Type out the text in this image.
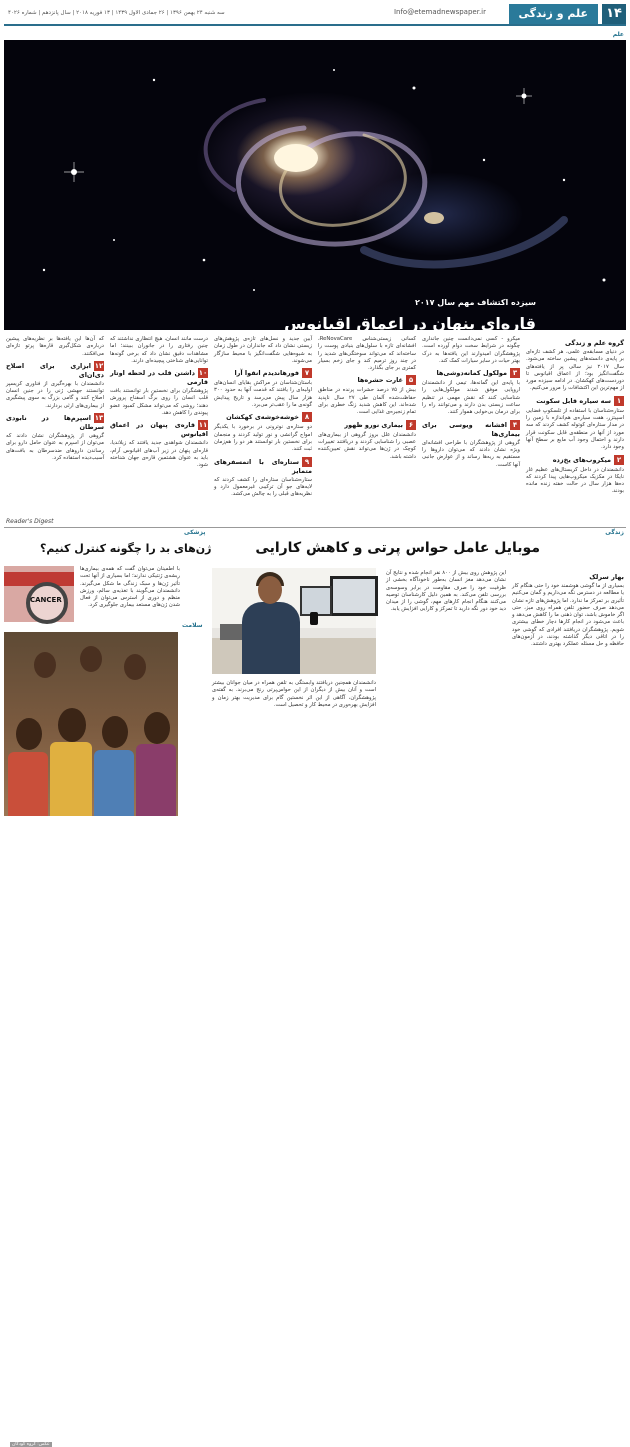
۱۴
علم و زندگی
Info@etemadnewspaper.ir
سه شنبه ۲۴ بهمن ۱۳۹۶ | ۲۶ جمادی الاول ۱۴۳۹ | ۱۳ فوریه ۲۰۱۸ | سال پانزدهم | شماره ۴۰۲۶
علم
سیزده اکتشاف مهم سال ۲۰۱۷
قاره‌ای پنهان در اعماق اقیانوس
گروه علم و زندگی

در دنیای مسابقه‌ی علمی، هر کشف تازه‌ای بر پایه‌ی دانسته‌های پیشین ساخته می‌شود. سال ۲۰۱۷ نیز سالی پر از یافته‌های شگفت‌انگیز بود؛ از اعماق اقیانوس تا دوردست‌های کهکشان. در ادامه سیزده مورد از مهم‌ترین این اکتشافات را مرور می‌کنیم.

۱سه سیاره قابل سکونت

ستاره‌شناسان با استفاده از تلسکوپ فضایی اسپیتزر، هفت سیاره‌ی هم‌اندازه با زمین را در مدار ستاره‌ای کوتوله کشف کردند که سه مورد از آنها در منطقه‌ی قابل سکونت قرار دارند و احتمال وجود آب مایع بر سطح آنها وجود دارد.

۲میکروب‌های یخ‌زده

دانشمندان در داخل کریستال‌های عظیم غار نایکا در مکزیک میکروب‌هایی پیدا کردند که ده‌ها هزار سال در حالت خفته زنده مانده بودند.

میکرو - کسی نمی‌دانست چنین جانداری چگونه در شرایط سخت دوام آورده است. پژوهشگران امیدوارند این یافته‌ها به درک بهتر حیات در سایر سیارات کمک کند.

۳مولکول کمانه‌دوشی‌ها

با پایه‌ی این گمانه‌ها، تیمی از دانشمندان اروپایی موفق شدند مولکول‌هایی را شناسایی کنند که نقش مهمی در تنظیم ساعت زیستی بدن دارند و می‌توانند راه را برای درمان بی‌خوابی هموار کنند.

۴افشانه ویوسی برای بیماری‌ها

گروهی از پژوهشگران با طراحی افشانه‌ای ویژه نشان دادند که می‌توان داروها را مستقیم به ریه‌ها رساند و از عوارض جانبی آنها کاست.

کسانی زیستی‌شناس ReNovaCare، افشانه‌ای تازه با سلول‌های بنیادی پوست را ساخته‌اند که می‌تواند سوختگی‌های شدید را در چند روز ترمیم کند و جای زخم بسیار کمتری بر جای بگذارد.

۵غارت حشره‌ها

بیش از ۷۵ درصد حشرات پرنده در مناطق حفاظت‌شده آلمان طی ۲۷ سال ناپدید شده‌اند. این کاهش شدید زنگ خطری برای تمام زنجیره‌ی غذایی است.

۶بیماری نورو ظهور

دانشمندان علل بروز گروهی از بیماری‌های عصبی را شناسایی کردند و دریافتند تغییرات کوچک در ژن‌ها می‌تواند نقش تعیین‌کننده داشته باشد.

آیین جدید و نسل‌های تازه‌ی پژوهش‌های زیستی نشان داد که جانداران در طول زمان به شیوه‌هایی شگفت‌انگیز با محیط سازگار می‌شوند.

۷فورهاندیدم انقوا آرا

باستان‌شناسان در مراکش بقایای انسان‌های اولیه‌ای را یافتند که قدمت آنها به حدود ۳۰۰ هزار سال پیش می‌رسد و تاریخ پیدایش گونه‌ی ما را عقب‌تر می‌برد.

۸خوشه‌خوشه‌ی کهکشان

دو ستاره‌ی نوترونی در برخورد با یکدیگر امواج گرانشی و نور تولید کردند و منجمان برای نخستین بار توانستند هر دو را هم‌زمان ثبت کنند.

۹ستاره‌ای با اتمسفرهای متمایز

ستاره‌شناسان ستاره‌ای را کشف کردند که لایه‌های جو آن ترکیبی غیرمعمول دارد و نظریه‌های قبلی را به چالش می‌کشد.

درست مانند انسان، هیچ انتظاری نداشتند که چنین رفتاری را در جانوران ببینند؛ اما مشاهدات دقیق نشان داد که برخی گونه‌ها توانایی‌های شناختی پیچیده‌ای دارند.

۱۰داشتن قلب در لحظه اوتار قارمی

پژوهشگران برای نخستین بار توانستند بافت قلب انسان را روی برگ اسفناج پرورش دهند؛ روشی که می‌تواند مشکل کمبود عضو پیوندی را کاهش دهد.

۱۱قاره‌ی پنهان در اعماق اقیانوس

دانشمندان شواهدی جدید یافتند که زیلاندیا، قاره‌ای پنهان در زیر آب‌های اقیانوس آرام، باید به عنوان هشتمین قاره‌ی جهان شناخته شود.

که آن‌ها این یافته‌ها بر نظریه‌های پیشین درباره‌ی شکل‌گیری قاره‌ها پرتو تازه‌ای می‌افکنند.

۱۲ابزاری برای اصلاح دی‌ان‌ای

دانشمندان با بهره‌گیری از فناوری کریسپر توانستند جهشی ژنی را در جنین انسان اصلاح کنند و گامی بزرگ به سوی پیشگیری از بیماری‌های ارثی بردارند.

۱۳اسپرم‌ها در نابودی سرطان

گروهی از پژوهشگران نشان دادند که می‌توان از اسپرم به عنوان حامل دارو برای رساندن داروهای ضدسرطان به بافت‌های آسیب‌دیده استفاده کرد.

Reader's Digest
زندگی
پزشکی
موبایل عامل حواس پرتی و کاهش کارایی
بهار سرلک

بسیاری از ما گوشی هوشمند خود را حتی هنگام کار یا مطالعه در دسترس نگه می‌داریم و گمان می‌کنیم تأثیری بر تمرکز ما ندارد. اما پژوهش‌های تازه نشان می‌دهد صرف حضور تلفن همراه روی میز، حتی اگر خاموش باشد، توان ذهنی ما را کاهش می‌دهد و باعث می‌شود در انجام کارها دچار خطای بیشتری شویم. پژوهشگران دریافتند افرادی که گوشی خود را در اتاقی دیگر گذاشته بودند، در آزمون‌های حافظه و حل مسئله عملکرد بهتری داشتند.

این پژوهش روی بیش از ۸۰۰ نفر انجام شده و نتایج آن نشان می‌دهد مغز انسان به‌طور ناخودآگاه بخشی از ظرفیت خود را صرف مقاومت در برابر وسوسه‌ی بررسی تلفن می‌کند. به همین دلیل کارشناسان توصیه می‌کنند هنگام انجام کارهای مهم، گوشی را از میدان دید خود دور نگه دارید تا تمرکز و کارایی افزایش یابد.

دانشمندان همچنین دریافتند وابستگی به تلفن همراه در میان جوانان بیشتر است و آنان بیش از دیگران از این حواس‌پرتی رنج می‌برند. به گفته‌ی پژوهشگران، آگاهی از این اثر نخستین گام برای مدیریت بهتر زمان و افزایش بهره‌وری در محیط کار و تحصیل است.

ژن‌های بد را چگونه کنترل کنیم؟
CANCER

با اطمینان می‌توان گفت که همه‌ی بیماری‌ها ریشه‌ی ژنتیکی ندارند؛ اما بسیاری از آنها تحت تأثیر ژن‌ها و سبک زندگی ما شکل می‌گیرند. دانشمندان می‌گویند با تغذیه‌ی سالم، ورزش منظم و دوری از استرس می‌توان از فعال شدن ژن‌های مستعد بیماری جلوگیری کرد.

سلامت
عکس: گروه کودکان
